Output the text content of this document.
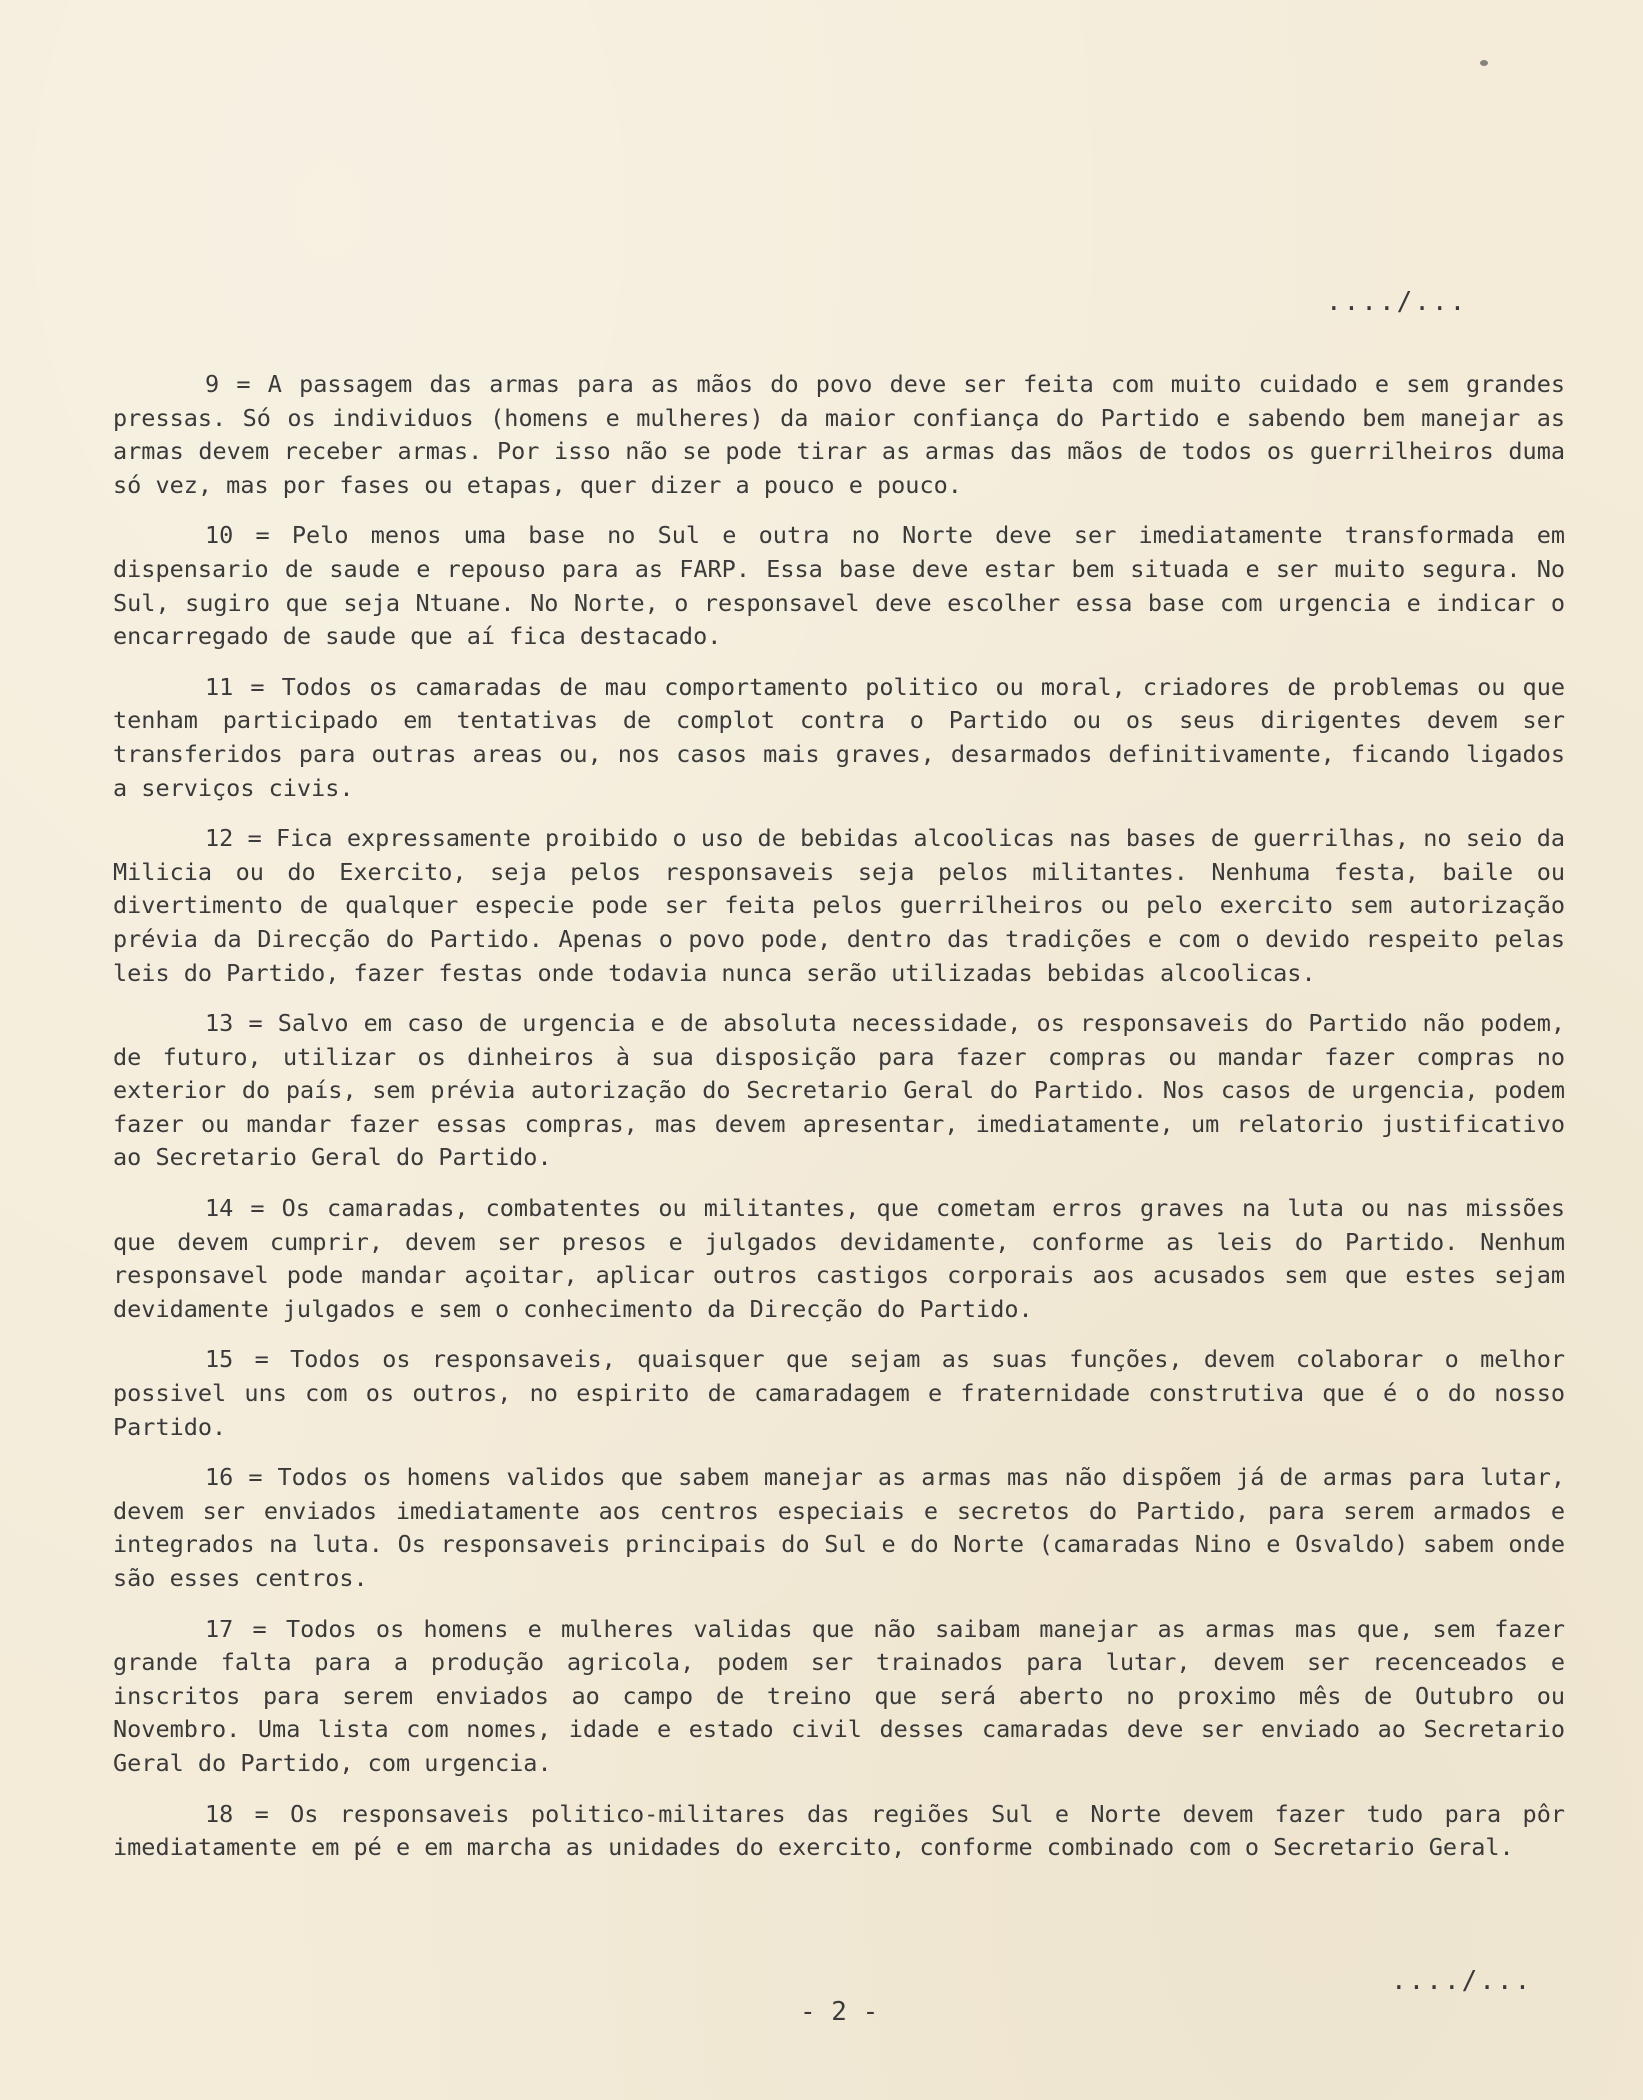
..../...

9 = A passagem das armas para as mãos do povo deve ser feita com muito cuidado e sem grandes pressas. Só os individuos (homens e mulheres) da maior confiança do Partido e sabendo bem manejar as armas devem receber armas. Por isso não se pode tirar as armas das mãos de todos os guerrilheiros duma só vez, mas por fases ou etapas, quer dizer a pouco e pouco.

10 = Pelo menos uma base no Sul e outra no Norte deve ser imediatamente transformada em dispensario de saude e repouso para as FARP. Essa base deve estar bem situada e ser muito segura. No Sul, sugiro que seja Ntuane. No Norte, o responsavel deve escolher essa base com urgencia e indicar o encarregado de saude que aí fica destacado.

11 = Todos os camaradas de mau comportamento politico ou moral, criadores de problemas ou que tenham participado em tentativas de complot contra o Partido ou os seus dirigentes devem ser transferidos para outras areas ou, nos casos mais graves, desarmados definitivamente, ficando ligados a serviços civis.

12 = Fica expressamente proibido o uso de bebidas alcoolicas nas bases de guerrilhas, no seio da Milicia ou do Exercito, seja pelos responsaveis seja pelos militantes. Nenhuma festa, baile ou divertimento de qualquer especie pode ser feita pelos guerrilheiros ou pelo exercito sem autorização prévia da Direcção do Partido. Apenas o povo pode, dentro das tradições e com o devido respeito pelas leis do Partido, fazer festas onde todavia nunca serão utilizadas bebidas alcoolicas.

13 = Salvo em caso de urgencia e de absoluta necessidade, os responsaveis do Partido não podem, de futuro, utilizar os dinheiros à sua disposição para fazer compras ou mandar fazer compras no exterior do país, sem prévia autorização do Secretario Geral do Partido. Nos casos de urgencia, podem fazer ou mandar fazer essas compras, mas devem apresentar, imediatamente, um relatorio justificativo ao Secretario Geral do Partido.

14 = Os camaradas, combatentes ou militantes, que cometam erros graves na luta ou nas missões que devem cumprir, devem ser presos e julgados devidamente, conforme as leis do Partido. Nenhum responsavel pode mandar açoitar, aplicar outros castigos corporais aos acusados sem que estes sejam devidamente julgados e sem o conhecimento da Direcção do Partido.

15 = Todos os responsaveis, quaisquer que sejam as suas funções, devem colaborar o melhor possivel uns com os outros, no espirito de camaradagem e fraternidade construtiva que é o do nosso Partido.

16 = Todos os homens validos que sabem manejar as armas mas não dispõem já de armas para lutar, devem ser enviados imediatamente aos centros especiais e secretos do Partido, para serem armados e integrados na luta. Os responsaveis principais do Sul e do Norte (camaradas Nino e Osvaldo) sabem onde são esses centros.

17 = Todos os homens e mulheres validas que não saibam manejar as armas mas que, sem fazer grande falta para a produção agricola, podem ser trainados para lutar, devem ser recenceados e inscritos para serem enviados ao campo de treino que será aberto no proximo mês de Outubro ou Novembro. Uma lista com nomes, idade e estado civil desses camaradas deve ser enviado ao Secretario Geral do Partido, com urgencia.

18 = Os responsaveis politico-militares das regiões Sul e Norte devem fazer tudo para pôr imediatamente em pé e em marcha as unidades do exercito, conforme combinado com o Secretario Geral.

..../...
- 2 -
